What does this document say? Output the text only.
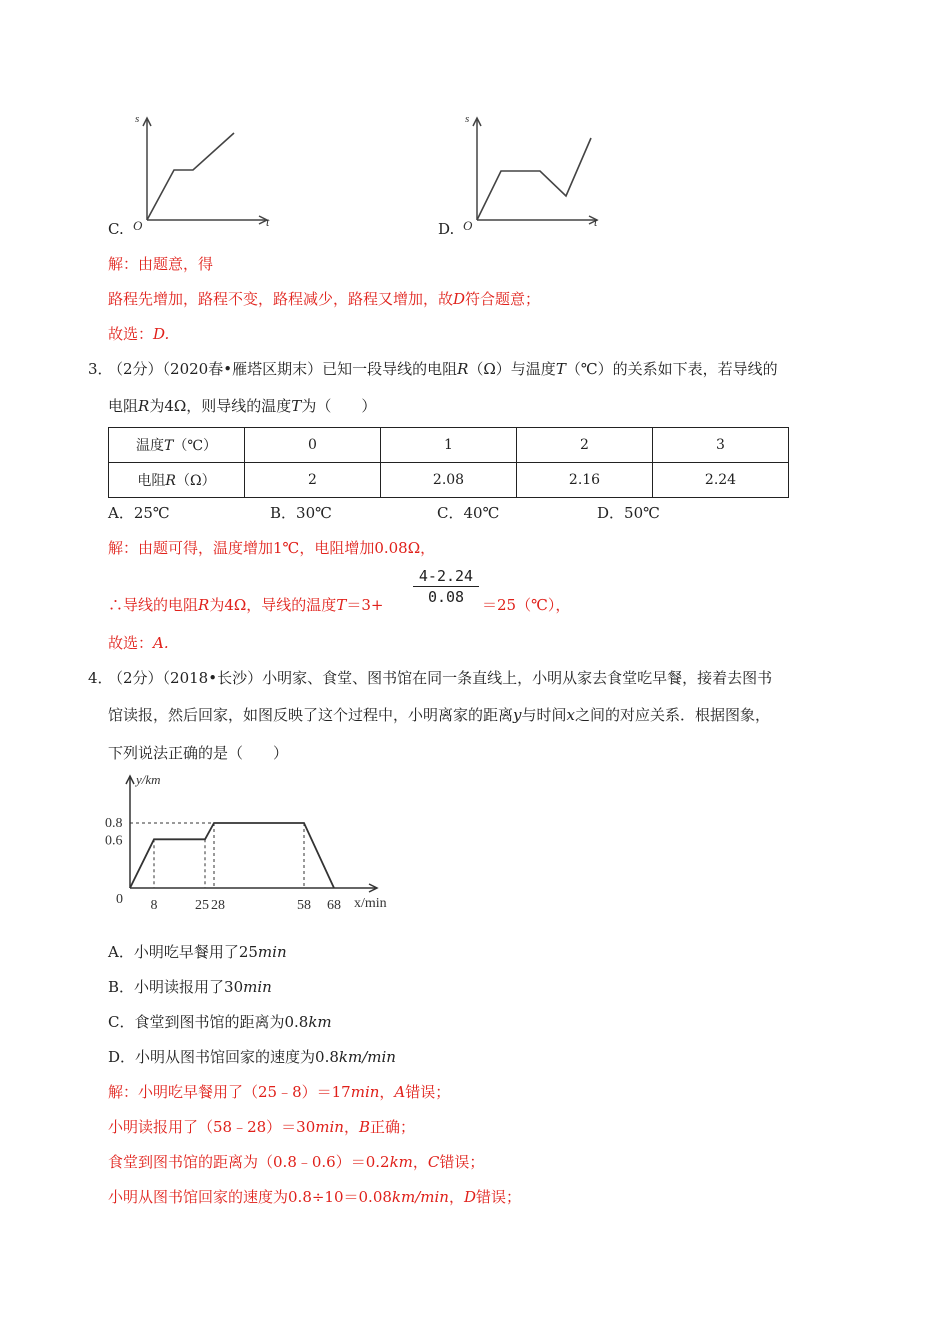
s
t
O
C.
s
t
O
D.
解：由题意，得
路程先增加，路程不变，路程减少，路程又增加，故D符合题意；
故选：D.
3．
（2分）（2020春•雁塔区期末）已知一段导线的电阻R（Ω）与温度T（℃）的关系如下表，若导线的
电阻R为4Ω，则导线的温度T为（　　）
温度T（℃）	0	1	2	3
电阻R（Ω）	2	2.08	2.16	2.24
A．25℃	B．30℃	C．40℃	D．50℃
解：由题可得，温度增加1℃，电阻增加0.08Ω，
∴导线的电阻R为4Ω，导线的温度$T=3+ \frac{4-2.24}{0.08}$ ＝25（℃），
故选：A.
4．
（2分）（2018•长沙）小明家、食堂、图书馆在同一条直线上，小明从家去食堂吃早餐，接着去图书
馆读报，然后回家，如图反映了这个过程中，小明离家的距离y与时间x之间的对应关系．根据图象，
下列说法正确的是（　　）
y/km
x/min
0
0.8
0.6
8	25 28	58 68
A．小明吃早餐用了25min
B．小明读报用了30min
C．食堂到图书馆的距离为0.8km
D．小明从图书馆回家的速度为0.8km/min
解：小明吃早餐用了（25﹣8）＝17min，A错误；
小明读报用了（58﹣28）＝30min，B正确；
食堂到图书馆的距离为（0.8﹣0.6）＝0.2km，C错误；
小明从图书馆回家的速度为0.8÷10＝0.08km/min，D错误；
